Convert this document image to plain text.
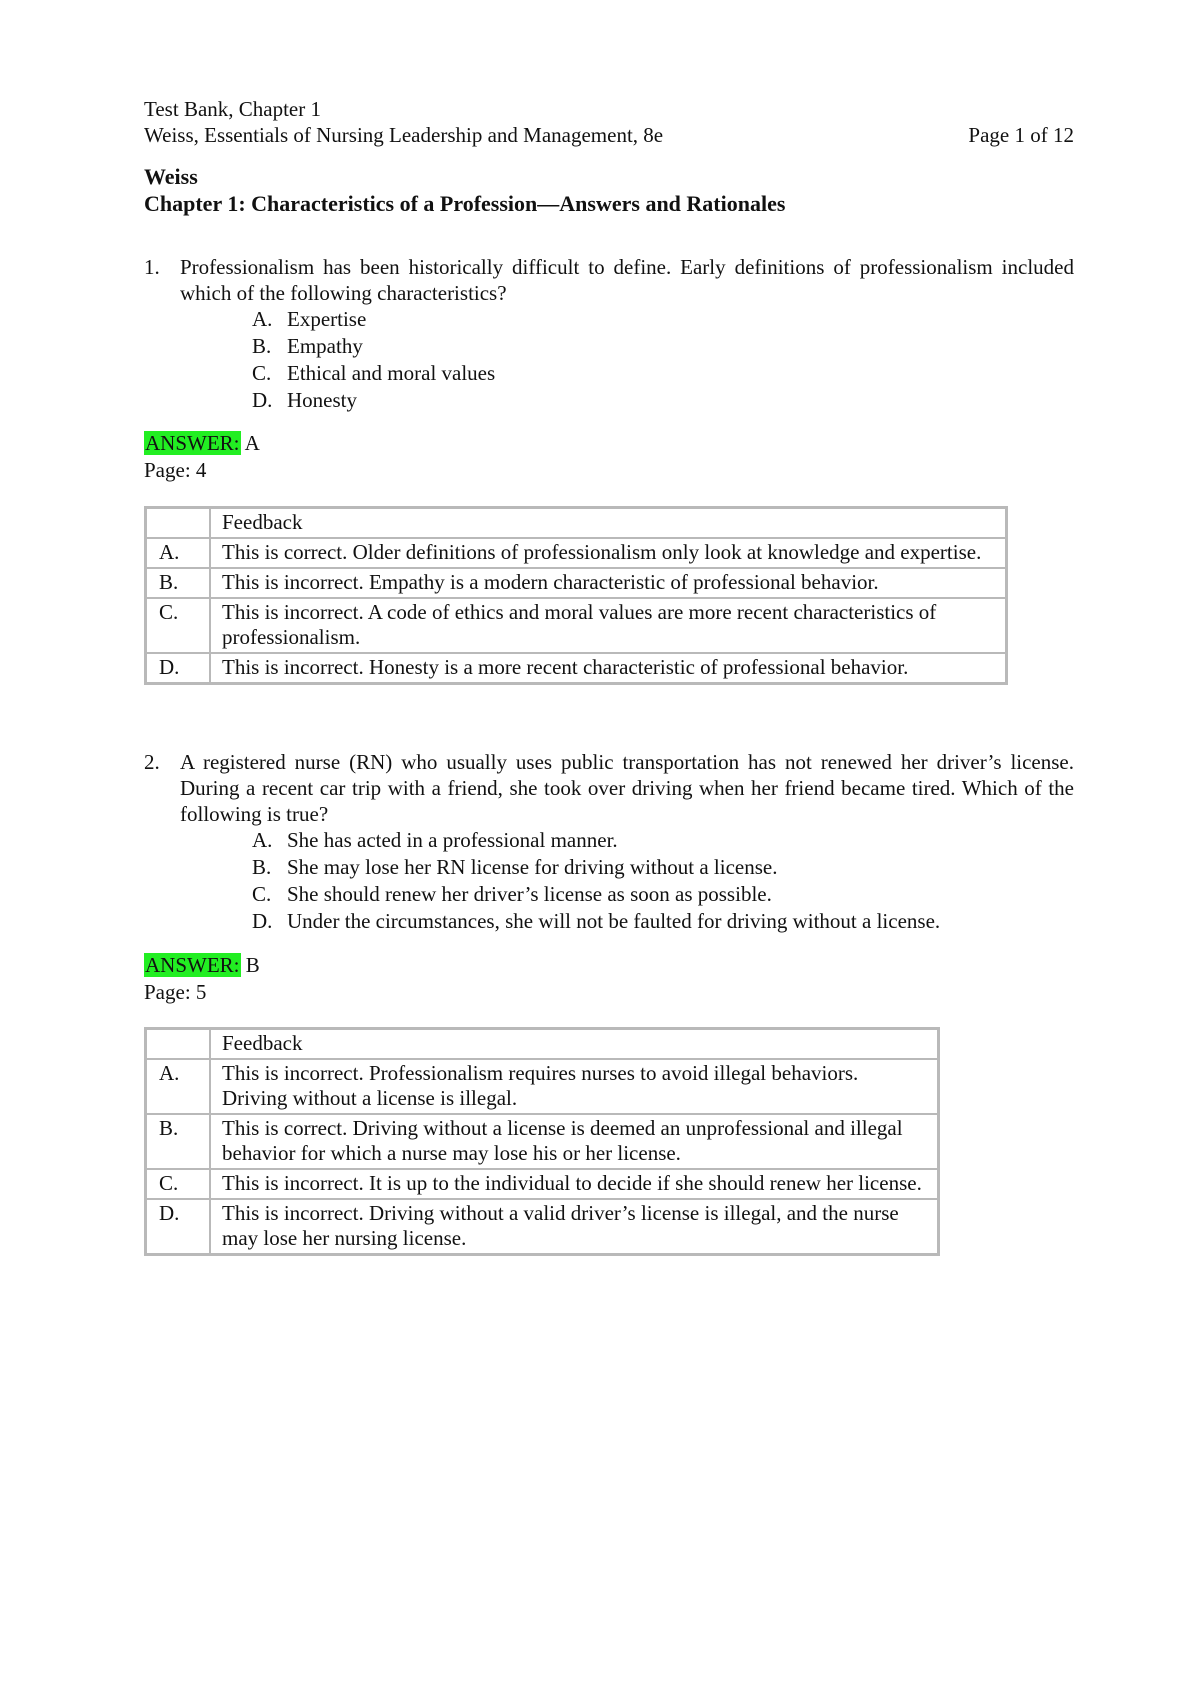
Test Bank, Chapter 1
Weiss, Essentials of Nursing Leadership and Management, 8e	Page 1 of 12
Weiss
Chapter 1: Characteristics of a Profession—Answers and Rationales
1. Professionalism has been historically difficult to define. Early definitions of professionalism included which of the following characteristics?
A. Expertise
B. Empathy
C. Ethical and moral values
D. Honesty
ANSWER: A
Page: 4
	Feedback
A.	This is correct. Older definitions of professionalism only look at knowledge and expertise.
B.	This is incorrect. Empathy is a modern characteristic of professional behavior.
C.	This is incorrect. A code of ethics and moral values are more recent characteristics of professionalism.
D.	This is incorrect. Honesty is a more recent characteristic of professional behavior.
2. A registered nurse (RN) who usually uses public transportation has not renewed her driver’s license. During a recent car trip with a friend, she took over driving when her friend became tired. Which of the following is true?
A. She has acted in a professional manner.
B. She may lose her RN license for driving without a license.
C. She should renew her driver’s license as soon as possible.
D. Under the circumstances, she will not be faulted for driving without a license.
ANSWER: B
Page: 5
	Feedback
A.	This is incorrect. Professionalism requires nurses to avoid illegal behaviors. Driving without a license is illegal.
B.	This is correct. Driving without a license is deemed an unprofessional and illegal behavior for which a nurse may lose his or her license.
C.	This is incorrect. It is up to the individual to decide if she should renew her license.
D.	This is incorrect. Driving without a valid driver’s license is illegal, and the nurse may lose her nursing license.
